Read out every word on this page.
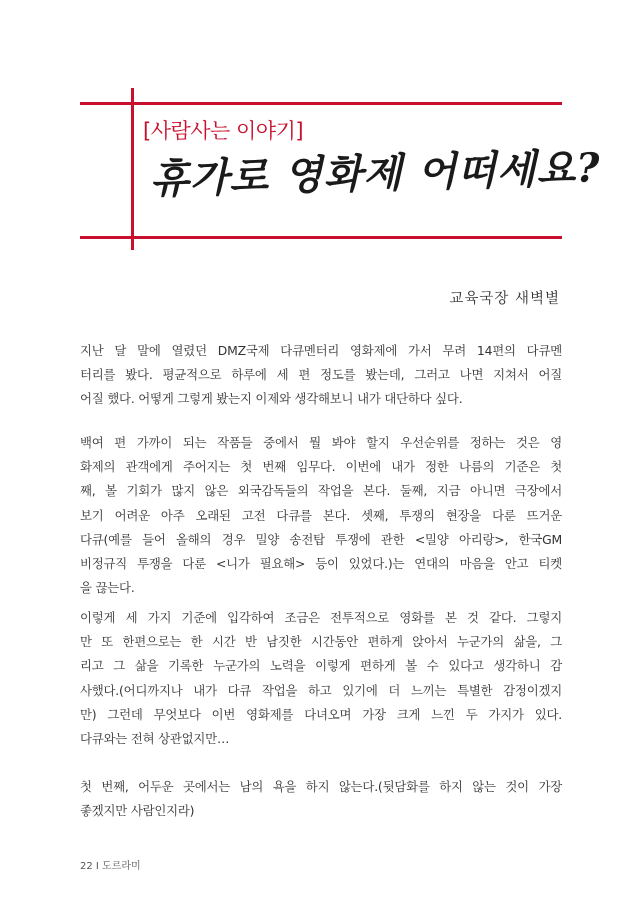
[사람사는 이야기]
휴가로 영화제 어떠세요?
교육국장 새벽별
지난 달 말에 열렸던 DMZ국제 다큐멘터리 영화제에 가서 무려 14편의 다큐멘
터리를 봤다. 평균적으로 하루에 세 편 정도를 봤는데, 그러고 나면 지쳐서 어질
어질 했다. 어떻게 그렇게 봤는지 이제와 생각해보니 내가 대단하다 싶다.
백여 편 가까이 되는 작품들 중에서 뭘 봐야 할지 우선순위를 정하는 것은 영
화제의 관객에게 주어지는 첫 번째 임무다. 이번에 내가 정한 나름의 기준은 첫
째, 볼 기회가 많지 않은 외국감독들의 작업을 본다. 둘째, 지금 아니면 극장에서
보기 어려운 아주 오래된 고전 다큐를 본다. 셋째, 투쟁의 현장을 다룬 뜨거운
다큐(예를 들어 올해의 경우 밀양 송전탑 투쟁에 관한 <밀양 아리랑>, 한국GM
비정규직 투쟁을 다룬 <니가 필요해> 등이 있었다.)는 연대의 마음을 안고 티켓
을 끊는다.
이렇게 세 가지 기준에 입각하여 조금은 전투적으로 영화를 본 것 같다. 그렇지
만 또 한편으로는 한 시간 반 남짓한 시간동안 편하게 앉아서 누군가의 삶을, 그
리고 그 삶을 기록한 누군가의 노력을 이렇게 편하게 볼 수 있다고 생각하니 감
사했다.(어디까지나 내가 다큐 작업을 하고 있기에 더 느끼는 특별한 감정이겠지
만) 그런데 무엇보다 이번 영화제를 다녀오며 가장 크게 느낀 두 가지가 있다.
다큐와는 전혀 상관없지만…
첫 번째, 어두운 곳에서는 남의 욕을 하지 않는다.(뒷담화를 하지 않는 것이 가장
좋겠지만 사람인지라)
22 I 도르라미
